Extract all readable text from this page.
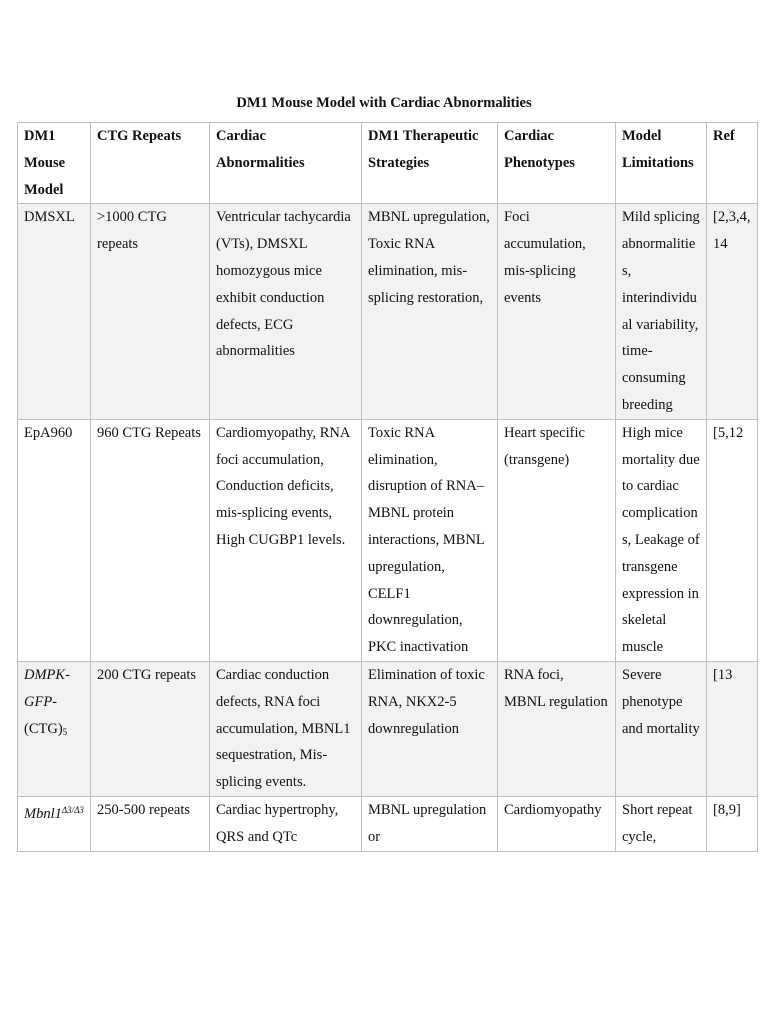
DM1 Mouse Model with Cardiac Abnormalities
DM1 Mouse Model	CTG Repeats	Cardiac Abnormalities	DM1 Therapeutic Strategies	Cardiac Phenotypes	Model Limitations	Ref
DMSXL	>1000 CTG repeats	Ventricular tachycardia (VTs), DMSXL homozygous mice exhibit conduction defects, ECG abnormalities	MBNL upregulation, Toxic RNA elimination, mis-splicing restoration,	Foci accumulation, mis-splicing events	Mild splicing abnormalities, interindividual variability, time-consuming breeding	[2,3,4,14
EpA960	960 CTG Repeats	Cardiomyopathy, RNA foci accumulation, Conduction deficits, mis-splicing events, High CUGBP1 levels.	Toxic RNA elimination, disruption of RNA–MBNL protein interactions, MBNL upregulation, CELF1 downregulation, PKC inactivation	Heart specific (transgene)	High mice mortality due to cardiac complications, Leakage of transgene expression in skeletal muscle	[5,12
DMPK-$GFP-(CTG)_5$	200 CTG repeats	Cardiac conduction defects, RNA foci accumulation, MBNL1 sequestration, Mis-splicing events.	Elimination of toxic RNA, NKX2-5 downregulation	RNA foci, MBNL regulation	Severe phenotype and mortality	[13
$Mbnl1^{\Delta 3/\Delta 3}$	250-500 repeats	Cardiac hypertrophy, QRS and QTc	MBNL upregulation or	Cardiomyopathy	Short repeat cycle,	[8,9]
